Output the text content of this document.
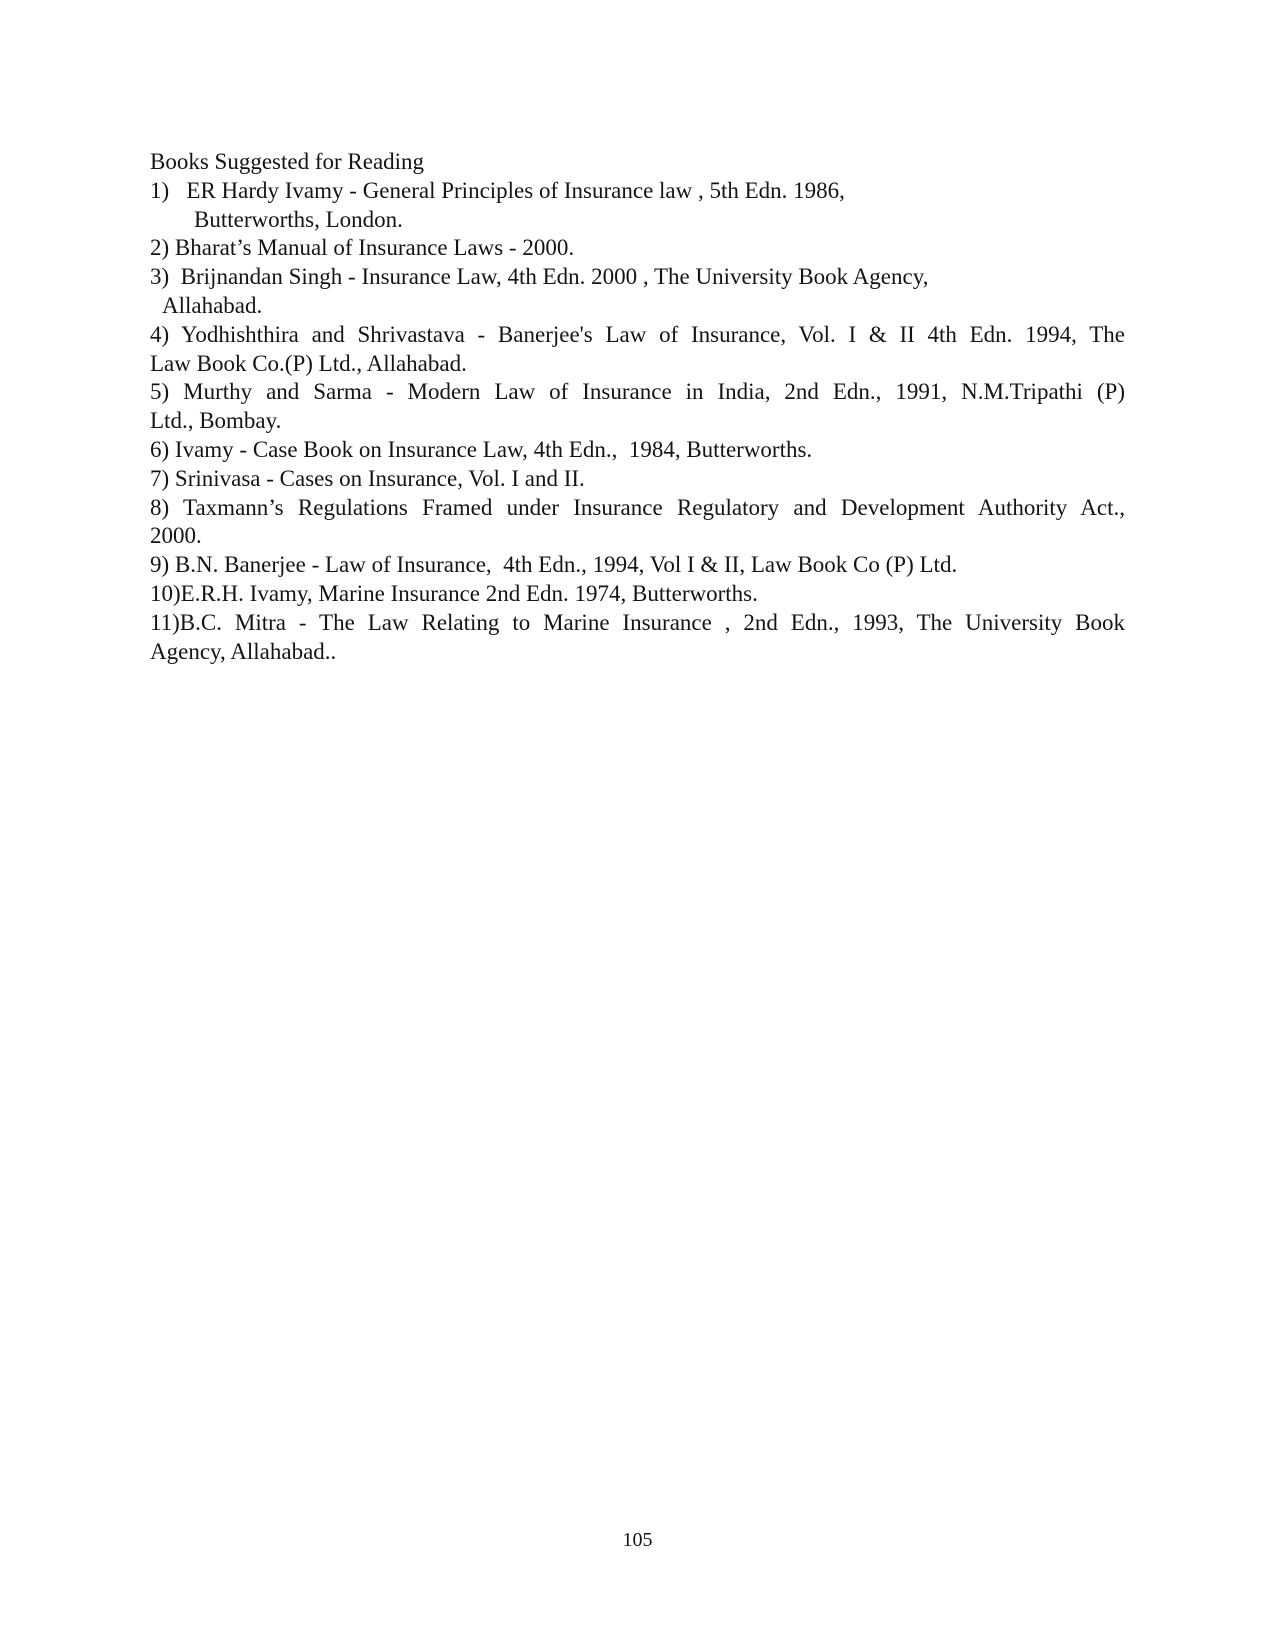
Books Suggested for Reading
1)   ER Hardy Ivamy - General Principles of Insurance law , 5th Edn. 1986,
Butterworths, London.
2) Bharat’s Manual of Insurance Laws - 2000.
3)  Brijnandan Singh - Insurance Law, 4th Edn. 2000 , The University Book Agency,
Allahabad.
4) Yodhishthira and Shrivastava - Banerjee's Law of Insurance, Vol. I & II 4th Edn. 1994, The
Law Book Co.(P) Ltd., Allahabad.
5) Murthy and Sarma - Modern Law of Insurance in India, 2nd Edn., 1991, N.M.Tripathi (P)
Ltd., Bombay.
6) Ivamy - Case Book on Insurance Law, 4th Edn.,  1984, Butterworths.
7) Srinivasa - Cases on Insurance, Vol. I and II.
8) Taxmann’s Regulations Framed under Insurance Regulatory and Development Authority Act.,
2000.
9) B.N. Banerjee - Law of Insurance,  4th Edn., 1994, Vol I & II, Law Book Co (P) Ltd.
10)E.R.H. Ivamy, Marine Insurance 2nd Edn. 1974, Butterworths.
11)B.C. Mitra - The Law Relating to Marine Insurance , 2nd Edn., 1993, The University Book
Agency, Allahabad..
105
